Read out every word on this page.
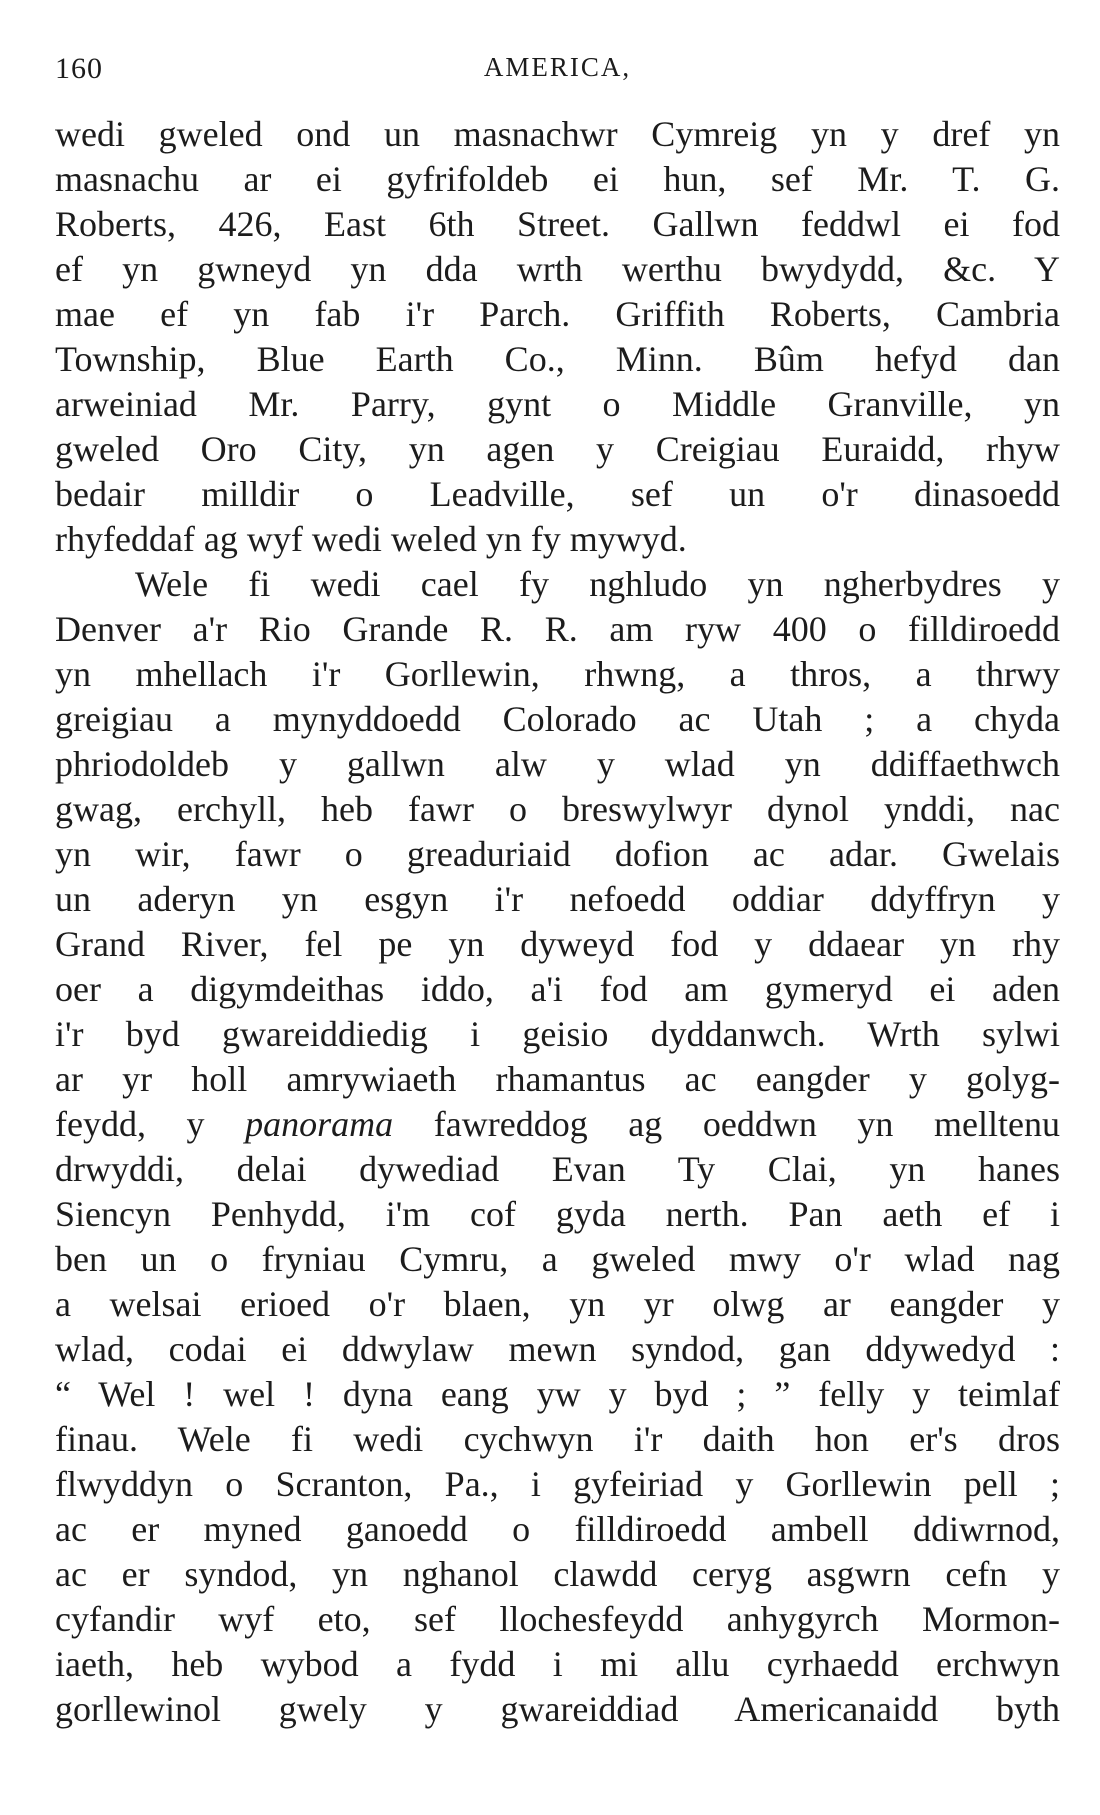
160	AMERICA,
wedi gweled ond un masnachwr Cymreig yn y dref yn
masnachu ar ei gyfrifoldeb ei hun, sef Mr. T. G.
Roberts, 426, East 6th Street. Gallwn feddwl ei fod
ef yn gwneyd yn dda wrth werthu bwydydd, &c. Y
mae ef yn fab i'r Parch. Griffith Roberts, Cambria
Township, Blue Earth Co., Minn. Bûm hefyd dan
arweiniad Mr. Parry, gynt o Middle Granville, yn
gweled Oro City, yn agen y Creigiau Euraidd, rhyw
bedair milldir o Leadville, sef un o'r dinasoedd
rhyfeddaf ag wyf wedi weled yn fy mywyd.
Wele fi wedi cael fy nghludo yn ngherbydres y
Denver a'r Rio Grande R. R. am ryw 400 o filldiroedd
yn mhellach i'r Gorllewin, rhwng, a thros, a thrwy
greigiau a mynyddoedd Colorado ac Utah ; a chyda
phriodoldeb y gallwn alw y wlad yn ddiffaethwch
gwag, erchyll, heb fawr o breswylwyr dynol ynddi, nac
yn wir, fawr o greaduriaid dofion ac adar. Gwelais
un aderyn yn esgyn i'r nefoedd oddiar ddyffryn y
Grand River, fel pe yn dyweyd fod y ddaear yn rhy
oer a digymdeithas iddo, a'i fod am gymeryd ei aden
i'r byd gwareiddiedig i geisio dyddanwch. Wrth sylwi
ar yr holl amrywiaeth rhamantus ac eangder y golyg-
feydd, y panorama fawreddog ag oeddwn yn melltenu
drwyddi, delai dywediad Evan Ty Clai, yn hanes
Siencyn Penhydd, i'm cof gyda nerth. Pan aeth ef i
ben un o fryniau Cymru, a gweled mwy o'r wlad nag
a welsai erioed o'r blaen, yn yr olwg ar eangder y
wlad, codai ei ddwylaw mewn syndod, gan ddywedyd :
“ Wel ! wel ! dyna eang yw y byd ; ” felly y teimlaf
finau. Wele fi wedi cychwyn i'r daith hon er's dros
flwyddyn o Scranton, Pa., i gyfeiriad y Gorllewin pell ;
ac er myned ganoedd o filldiroedd ambell ddiwrnod,
ac er syndod, yn nghanol clawdd ceryg asgwrn cefn y
cyfandir wyf eto, sef llochesfeydd anhygyrch Mormon-
iaeth, heb wybod a fydd i mi allu cyrhaedd erchwyn
gorllewinol gwely y gwareiddiad Americanaidd byth
